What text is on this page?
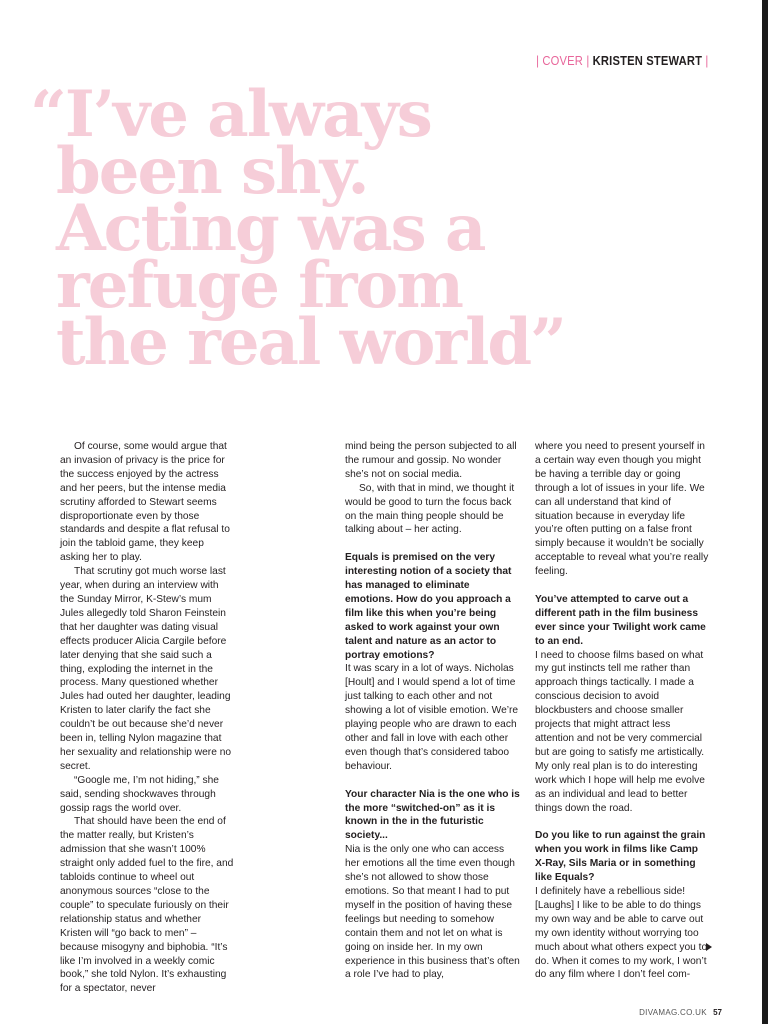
| COVER | KRISTEN STEWART |
“I’ve always
been shy.
Acting was a
refuge from
the real world”

Of course, some would argue that an invasion of privacy is the price for the success enjoyed by the actress and her peers, but the intense media scrutiny afforded to Stewart seems disproportionate even by those standards and despite a flat refusal to join the tabloid game, they keep asking her to play.

That scrutiny got much worse last year, when during an interview with the Sunday Mirror, K-Stew’s mum Jules allegedly told Sharon Feinstein that her daughter was dating visual effects producer Alicia Cargile before later denying that she said such a thing, exploding the internet in the process. Many questioned whether Jules had outed her daughter, leading Kristen to later clarify the fact she couldn’t be out because she’d never been in, telling Nylon magazine that her sexuality and relationship were no secret.

“Google me, I’m not hiding,” she said, sending shockwaves through gossip rags the world over.

That should have been the end of the matter really, but Kristen’s admission that she wasn’t 100% straight only added fuel to the fire, and tabloids continue to wheel out anonymous sources “close to the couple” to speculate furiously on their relationship status and whether Kristen will “go back to men” – because misogyny and biphobia. “It’s like I’m involved in a weekly comic book,” she told Nylon. It’s exhausting for a spectator, never

mind being the person subjected to all the rumour and gossip. No wonder she’s not on social media.

So, with that in mind, we thought it would be good to turn the focus back on the main thing people should be talking about – her acting.

Equals is premised on the very interesting notion of a society that has managed to eliminate emotions. How do you approach a film like this when you’re being asked to work against your own talent and nature as an actor to portray emotions?

It was scary in a lot of ways. Nicholas [Hoult] and I would spend a lot of time just talking to each other and not showing a lot of visible emotion. We’re playing people who are drawn to each other and fall in love with each other even though that’s considered taboo behaviour.

Your character Nia is the one who is the more “switched-on” as it is known in the in the futuristic society...

Nia is the only one who can access her emotions all the time even though she’s not allowed to show those emotions. So that meant I had to put myself in the position of having these feelings but needing to somehow contain them and not let on what is going on inside her. In my own experience in this business that’s often a role I’ve had to play,

where you need to present yourself in a certain way even though you might be having a terrible day or going through a lot of issues in your life. We can all understand that kind of situation because in everyday life you’re often putting on a false front simply because it wouldn’t be socially acceptable to reveal what you’re really feeling.

You’ve attempted to carve out a different path in the film business ever since your Twilight work came to an end.

I need to choose films based on what my gut instincts tell me rather than approach things tactically. I made a conscious decision to avoid blockbusters and choose smaller projects that might attract less attention and not be very commercial but are going to satisfy me artistically. My only real plan is to do interesting work which I hope will help me evolve as an individual and lead to better things down the road.

Do you like to run against the grain when you work in films like Camp X-Ray, Sils Maria or in something like Equals?

I definitely have a rebellious side! [Laughs] I like to be able to do things my own way and be able to carve out my own identity without worrying too much about what others expect you to do. When it comes to my work, I won’t do any film where I don’t feel com-

DIVAMAG.CO.UK 57
